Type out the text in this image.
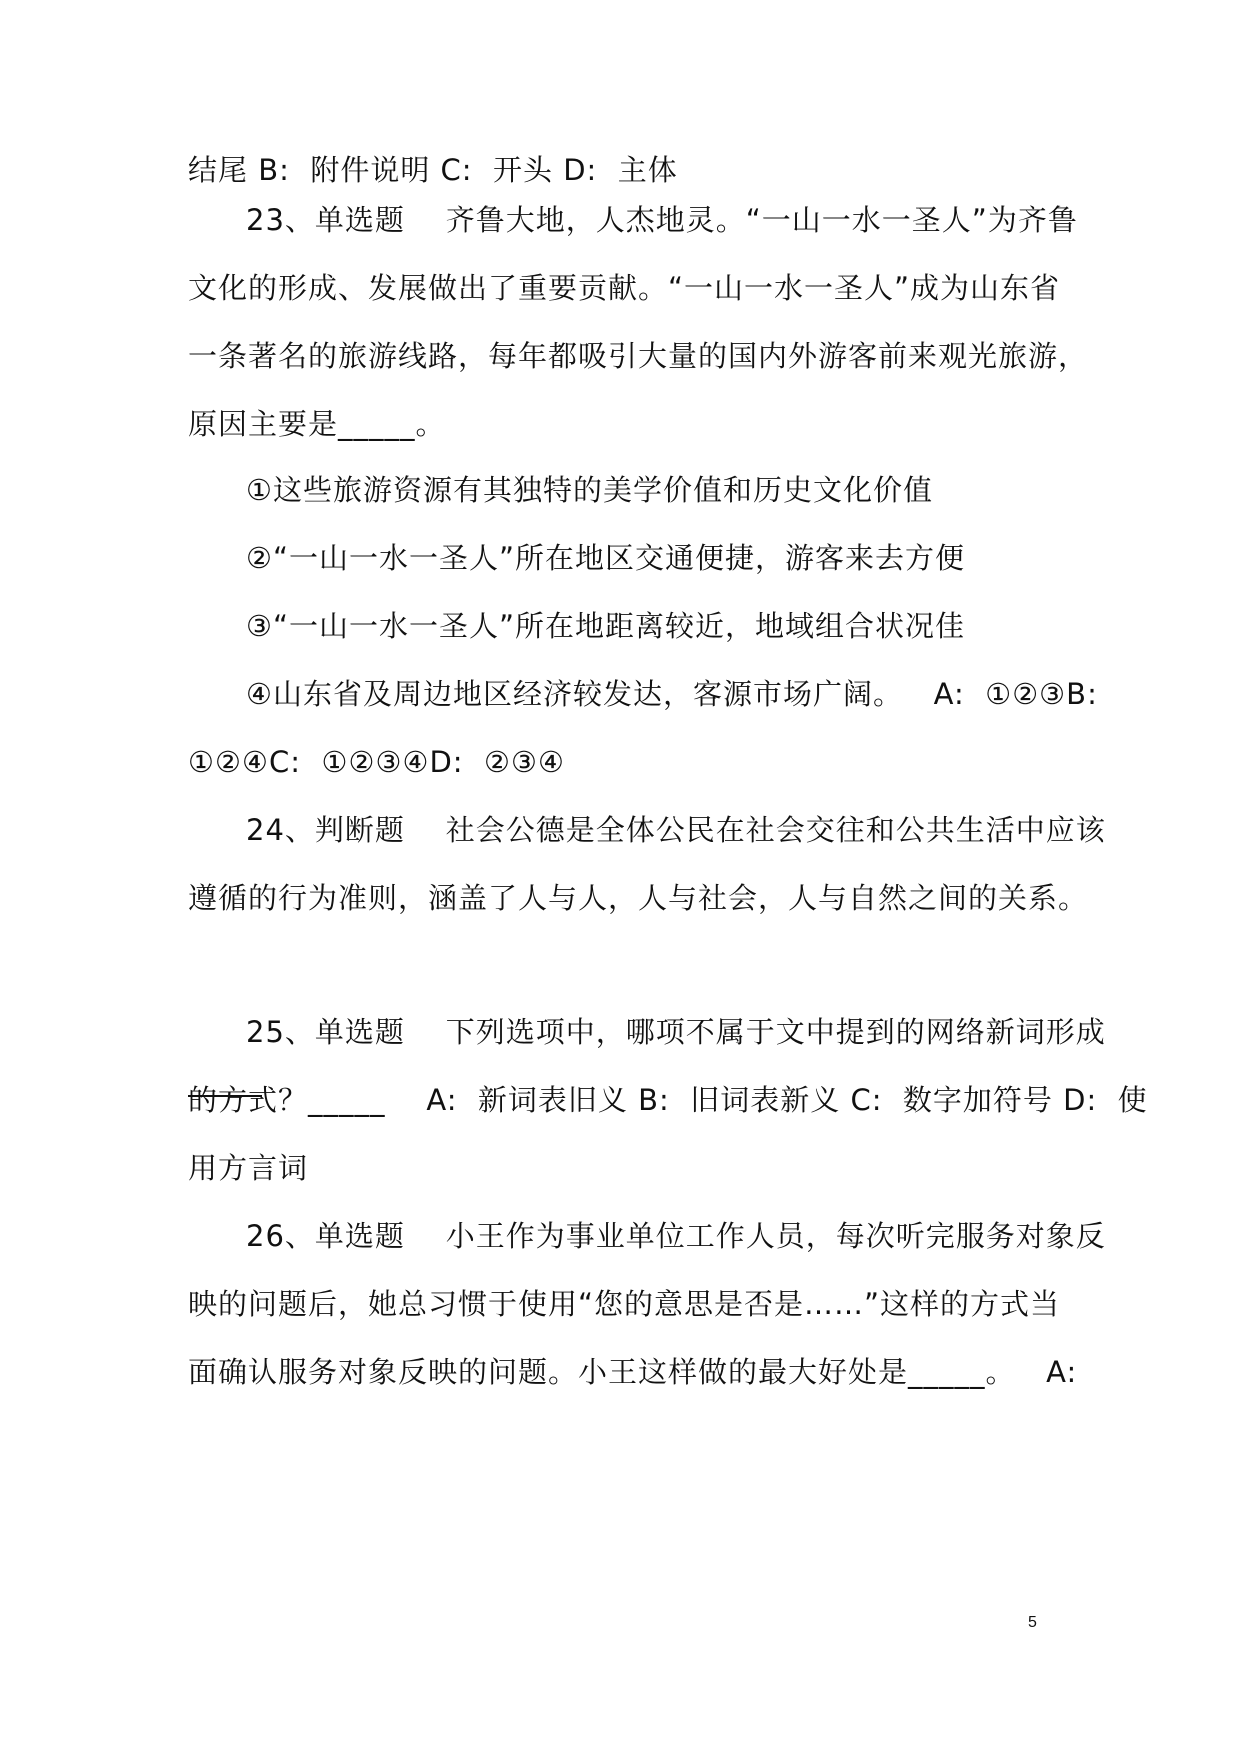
结尾 B:  附件说明 C:  开头 D:  主体
23、单选题    齐鲁大地，人杰地灵。“一山一水一圣人”为齐鲁
文化的形成、发展做出了重要贡献。“一山一水一圣人”成为山东省
一条著名的旅游线路，每年都吸引大量的国内外游客前来观光旅游，
原因主要是_____。
①这些旅游资源有其独特的美学价值和历史文化价值
②“一山一水一圣人”所在地区交通便捷，游客来去方便
③“一山一水一圣人”所在地距离较近，地域组合状况佳
④山东省及周边地区经济较发达，客源市场广阔。   A:  ①②③B:
①②④C:  ①②③④D:  ②③④
24、判断题    社会公德是全体公民在社会交往和公共生活中应该
遵循的行为准则，涵盖了人与人，人与社会，人与自然之间的关系。
25、单选题    下列选项中，哪项不属于文中提到的网络新词形成
的方式？_____    A:  新词表旧义 B:  旧词表新义 C:  数字加符号 D:  使
用方言词
26、单选题    小王作为事业单位工作人员，每次听完服务对象反
映的问题后，她总习惯于使用“您的意思是否是……”这样的方式当
面确认服务对象反映的问题。小王这样做的最大好处是_____。   A:
5
